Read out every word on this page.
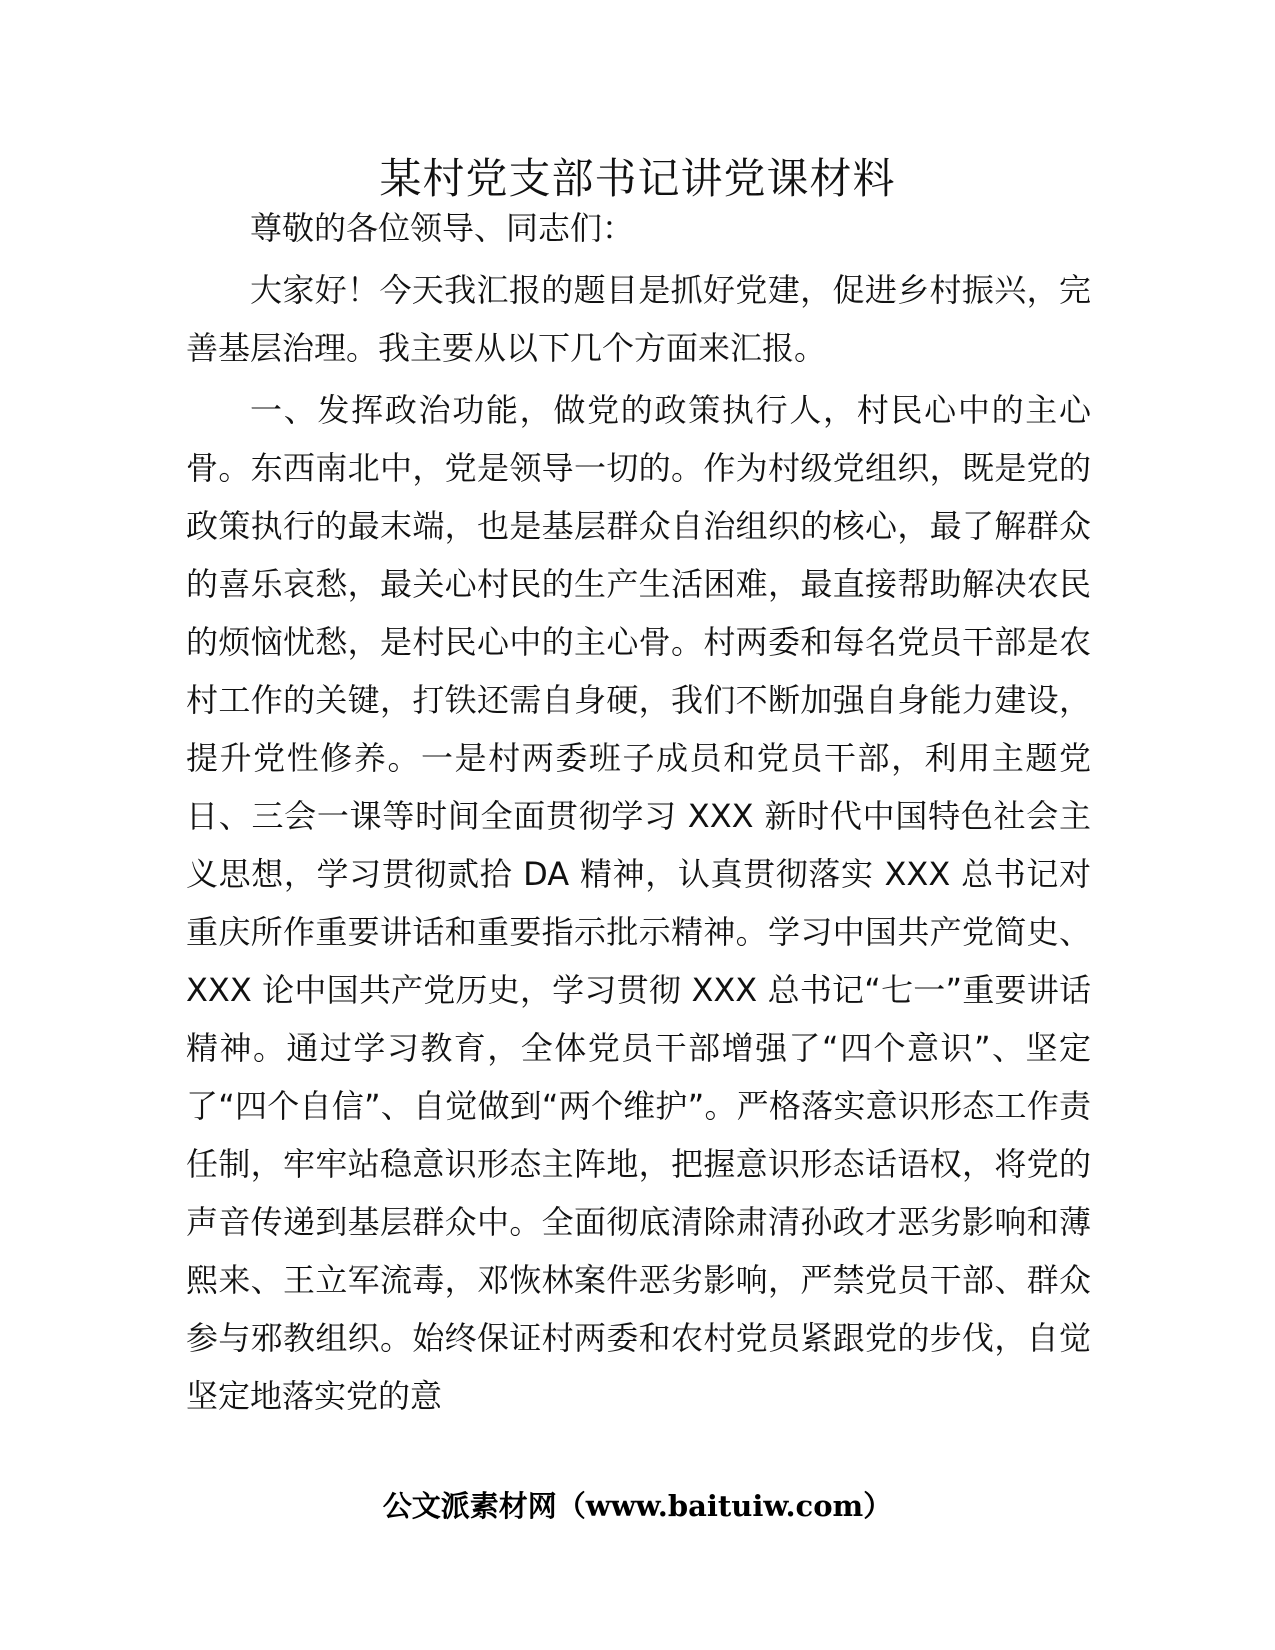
某村党支部书记讲党课材料

尊敬的各位领导、同志们：

大家好！今天我汇报的题目是抓好党建，促进乡村振兴，完善基层治理。我主要从以下几个方面来汇报。

一、发挥政治功能，做党的政策执行人，村民心中的主心骨。东西南北中，党是领导一切的。作为村级党组织，既是党的政策执行的最末端，也是基层群众自治组织的核心，最了解群众的喜乐哀愁，最关心村民的生产生活困难，最直接帮助解决农民的烦恼忧愁，是村民心中的主心骨。村两委和每名党员干部是农村工作的关键，打铁还需自身硬，我们不断加强自身能力建设，提升党性修养。一是村两委班子成员和党员干部，利用主题党日、三会一课等时间全面贯彻学习 XXX 新时代中国特色社会主义思想，学习贯彻贰拾 DA 精神，认真贯彻落实 XXX 总书记对重庆所作重要讲话和重要指示批示精神。学习中国共产党简史、XXX 论中国共产党历史，学习贯彻 XXX 总书记“七一”重要讲话精神。通过学习教育，全体党员干部增强了“四个意识”、坚定了“四个自信”、自觉做到“两个维护”。严格落实意识形态工作责任制，牢牢站稳意识形态主阵地，把握意识形态话语权，将党的声音传递到基层群众中。全面彻底清除肃清孙政才恶劣影响和薄熙来、王立军流毒，邓恢林案件恶劣影响，严禁党员干部、群众参与邪教组织。始终保证村两委和农村党员紧跟党的步伐，自觉坚定地落实党的意

公文派素材网（www.baituiw.com）
